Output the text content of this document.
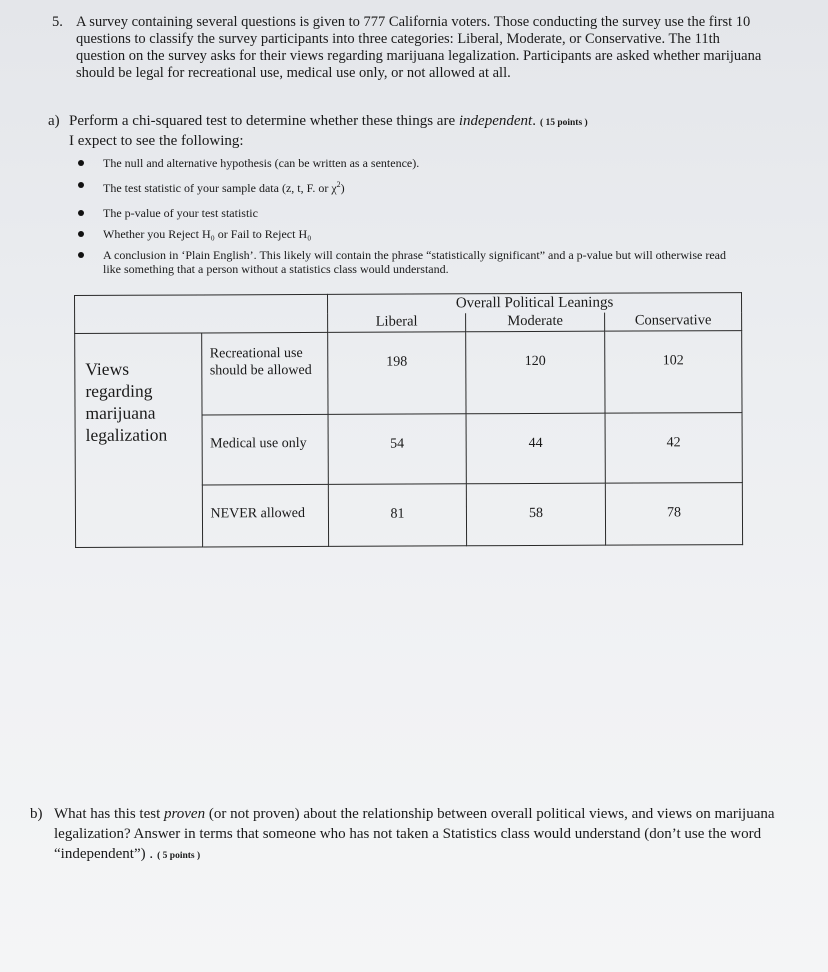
5. A survey containing several questions is given to 777 California voters. Those conducting the survey use the first 10 questions to classify the survey participants into three categories: Liberal, Moderate, or Conservative. The 11th question on the survey asks for their views regarding marijuana legalization. Participants are asked whether marijuana should be legal for recreational use, medical use only, or not allowed at all.
a) Perform a chi-squared test to determine whether these things are independent. ( 15 points )
I expect to see the following:
The null and alternative hypothesis (can be written as a sentence).
The test statistic of your sample data (z, t, F. or $\chi^2$)
The p-value of your test statistic
Whether you Reject H₀ or Fail to Reject H₀
A conclusion in ‘Plain English’. This likely will contain the phrase “statistically significant” and a p-value but will otherwise read like something that a person without a statistics class would understand.
		Overall Political Leanings		
		Liberal	Moderate	Conservative
Views regarding marijuana legalization	Recreational use should be allowed	198	120	102
	Medical use only	54	44	42
	NEVER allowed	81	58	78
b) What has this test proven (or not proven) about the relationship between overall political views, and views on marijuana legalization? Answer in terms that someone who has not taken a Statistics class would understand (don’t use the word “independent”) . ( 5 points )
